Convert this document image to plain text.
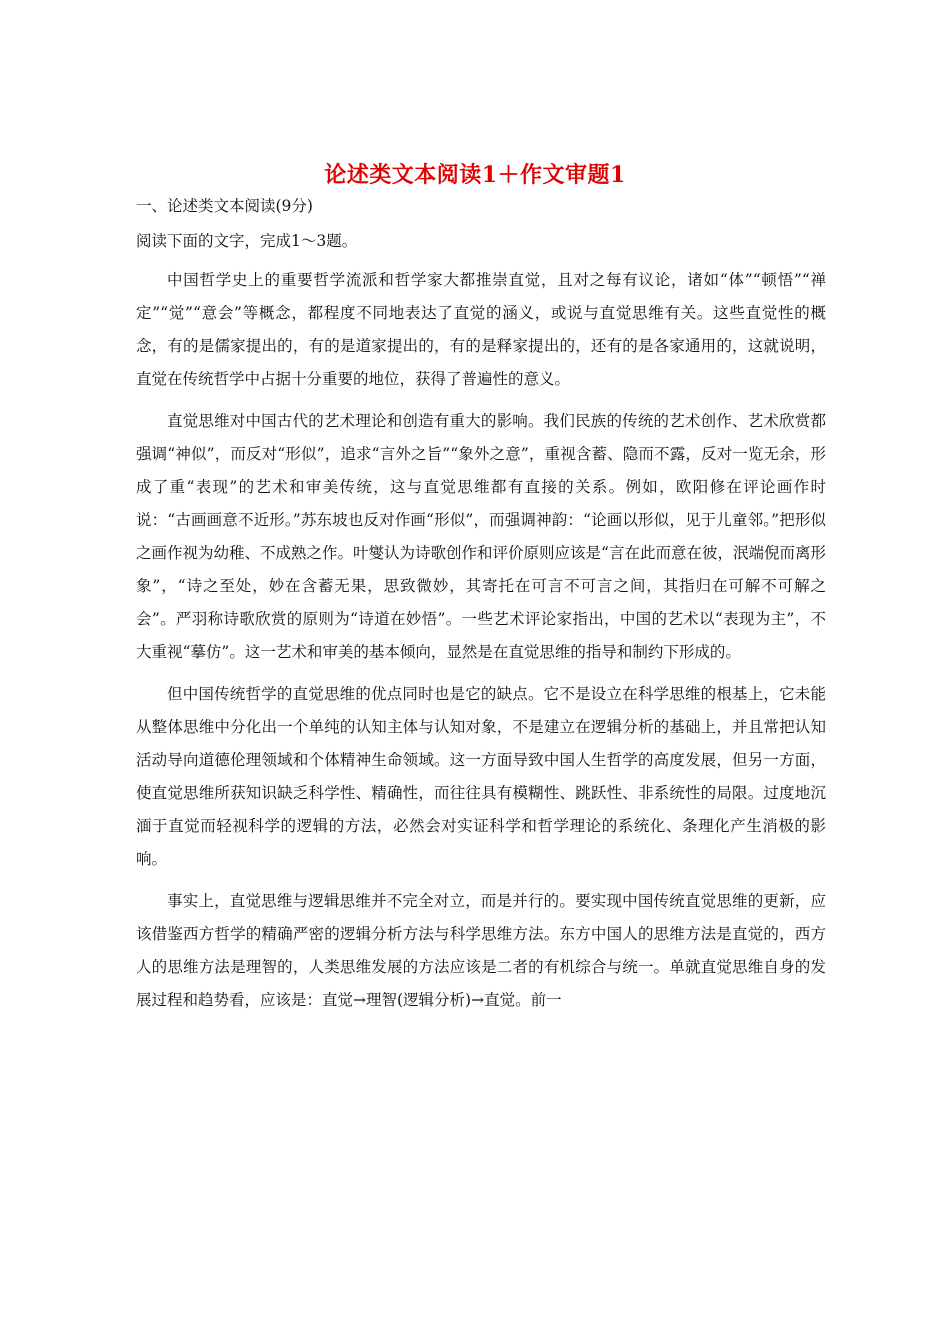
论述类文本阅读1＋作文审题1
一、论述类文本阅读(9分)
阅读下面的文字，完成1～3题。

中国哲学史上的重要哲学流派和哲学家大都推崇直觉，且对之每有议论，诸如“体”“顿悟”“禅定”“觉”“意会”等概念，都程度不同地表达了直觉的涵义，或说与直觉思维有关。这些直觉性的概念，有的是儒家提出的，有的是道家提出的，有的是释家提出的，还有的是各家通用的，这就说明，直觉在传统哲学中占据十分重要的地位，获得了普遍性的意义。

直觉思维对中国古代的艺术理论和创造有重大的影响。我们民族的传统的艺术创作、艺术欣赏都强调“神似”，而反对“形似”，追求“言外之旨”“象外之意”，重视含蓄、隐而不露，反对一览无余，形成了重“表现”的艺术和审美传统，这与直觉思维都有直接的关系。例如，欧阳修在评论画作时说：“古画画意不近形。”苏东坡也反对作画“形似”，而强调神韵：“论画以形似，见于儿童邻。”把形似之画作视为幼稚、不成熟之作。叶燮认为诗歌创作和评价原则应该是“言在此而意在彼，泯端倪而离形象”，“诗之至处，妙在含蓄无果，思致微妙，其寄托在可言不可言之间，其指归在可解不可解之会”。严羽称诗歌欣赏的原则为“诗道在妙悟”。一些艺术评论家指出，中国的艺术以“表现为主”，不大重视“摹仿”。这一艺术和审美的基本倾向，显然是在直觉思维的指导和制约下形成的。

但中国传统哲学的直觉思维的优点同时也是它的缺点。它不是设立在科学思维的根基上，它未能从整体思维中分化出一个单纯的认知主体与认知对象，不是建立在逻辑分析的基础上，并且常把认知活动导向道德伦理领域和个体精神生命领域。这一方面导致中国人生哲学的高度发展，但另一方面，使直觉思维所获知识缺乏科学性、精确性，而往往具有模糊性、跳跃性、非系统性的局限。过度地沉湎于直觉而轻视科学的逻辑的方法，必然会对实证科学和哲学理论的系统化、条理化产生消极的影响。

事实上，直觉思维与逻辑思维并不完全对立，而是并行的。要实现中国传统直觉思维的更新，应该借鉴西方哲学的精确严密的逻辑分析方法与科学思维方法。东方中国人的思维方法是直觉的，西方人的思维方法是理智的，人类思维发展的方法应该是二者的有机综合与统一。单就直觉思维自身的发展过程和趋势看，应该是：直觉→理智(逻辑分析)→直觉。前一
